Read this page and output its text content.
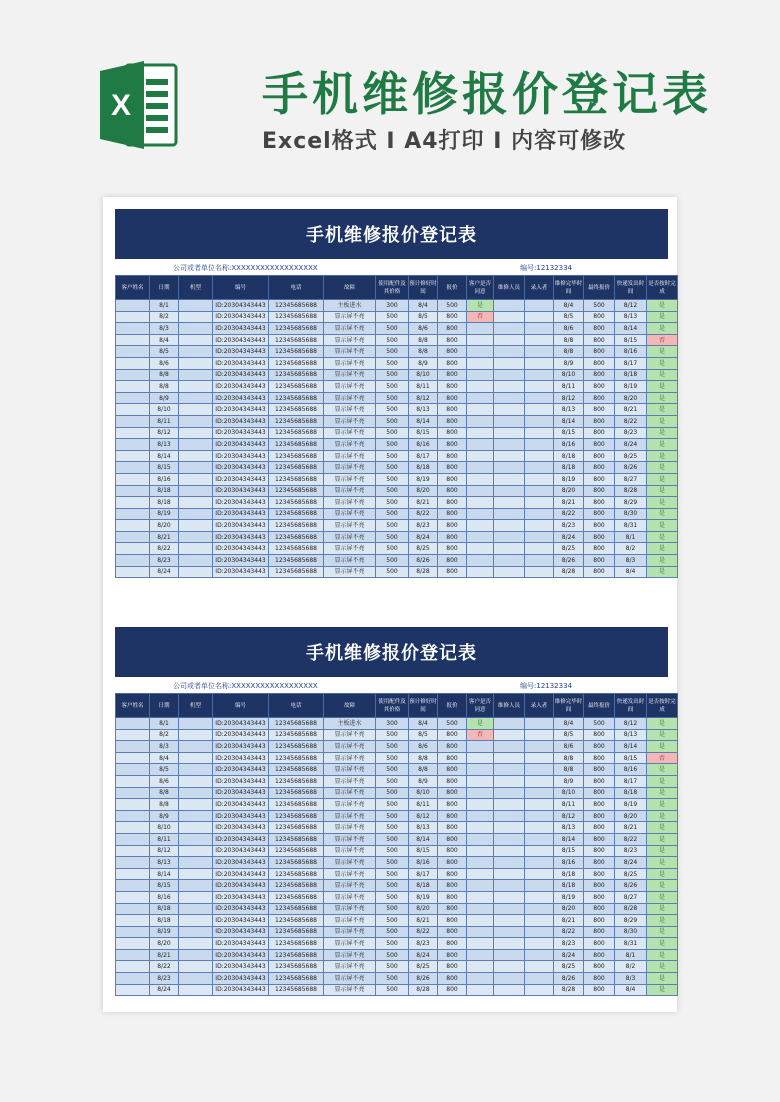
X	手机维修报价登记表
Excel格式 I A4打印 I 内容可修改
手机维修报价登记表
公司或者单位名称:XXXXXXXXXXXXXXXXXX	编号:12132334
客户姓名	日期	机型	编号	电话	故障	使用配件及其价格	预计修好时间	报价	客户是否同意	维修人员	录入者	维修完毕时间	最终报价	快递发出时间	是否按时完成
	8/1		ID:20304343443	12345685688	主板进水	300	8/4	500	是			8/4	500	8/12	是
	8/2		ID:20304343443	12345685688	显示屏不亮	500	8/5	800	否			8/5	800	8/13	是
	8/3		ID:20304343443	12345685688	显示屏不亮	500	8/6	800				8/6	800	8/14	是
	8/4		ID:20304343443	12345685688	显示屏不亮	500	8/8	800				8/8	800	8/15	否
	8/5		ID:20304343443	12345685688	显示屏不亮	500	8/8	800				8/8	800	8/16	是
	8/6		ID:20304343443	12345685688	显示屏不亮	500	8/9	800				8/9	800	8/17	是
	8/8		ID:20304343443	12345685688	显示屏不亮	500	8/10	800				8/10	800	8/18	是
	8/8		ID:20304343443	12345685688	显示屏不亮	500	8/11	800				8/11	800	8/19	是
	8/9		ID:20304343443	12345685688	显示屏不亮	500	8/12	800				8/12	800	8/20	是
	8/10		ID:20304343443	12345685688	显示屏不亮	500	8/13	800				8/13	800	8/21	是
	8/11		ID:20304343443	12345685688	显示屏不亮	500	8/14	800				8/14	800	8/22	是
	8/12		ID:20304343443	12345685688	显示屏不亮	500	8/15	800				8/15	800	8/23	是
	8/13		ID:20304343443	12345685688	显示屏不亮	500	8/16	800				8/16	800	8/24	是
	8/14		ID:20304343443	12345685688	显示屏不亮	500	8/17	800				8/18	800	8/25	是
	8/15		ID:20304343443	12345685688	显示屏不亮	500	8/18	800				8/18	800	8/26	是
	8/16		ID:20304343443	12345685688	显示屏不亮	500	8/19	800				8/19	800	8/27	是
	8/18		ID:20304343443	12345685688	显示屏不亮	500	8/20	800				8/20	800	8/28	是
	8/18		ID:20304343443	12345685688	显示屏不亮	500	8/21	800				8/21	800	8/29	是
	8/19		ID:20304343443	12345685688	显示屏不亮	500	8/22	800				8/22	800	8/30	是
	8/20		ID:20304343443	12345685688	显示屏不亮	500	8/23	800				8/23	800	8/31	是
	8/21		ID:20304343443	12345685688	显示屏不亮	500	8/24	800				8/24	800	8/1	是
	8/22		ID:20304343443	12345685688	显示屏不亮	500	8/25	800				8/25	800	8/2	是
	8/23		ID:20304343443	12345685688	显示屏不亮	500	8/26	800				8/26	800	8/3	是
	8/24		ID:20304343443	12345685688	显示屏不亮	500	8/28	800				8/28	800	8/4	是
手机维修报价登记表
公司或者单位名称:XXXXXXXXXXXXXXXXXX	编号:12132334
客户姓名	日期	机型	编号	电话	故障	使用配件及其价格	预计修好时间	报价	客户是否同意	维修人员	录入者	维修完毕时间	最终报价	快递发出时间	是否按时完成
	8/1		ID:20304343443	12345685688	主板进水	300	8/4	500	是			8/4	500	8/12	是
	8/2		ID:20304343443	12345685688	显示屏不亮	500	8/5	800	否			8/5	800	8/13	是
	8/3		ID:20304343443	12345685688	显示屏不亮	500	8/6	800				8/6	800	8/14	是
	8/4		ID:20304343443	12345685688	显示屏不亮	500	8/8	800				8/8	800	8/15	否
	8/5		ID:20304343443	12345685688	显示屏不亮	500	8/8	800				8/8	800	8/16	是
	8/6		ID:20304343443	12345685688	显示屏不亮	500	8/9	800				8/9	800	8/17	是
	8/8		ID:20304343443	12345685688	显示屏不亮	500	8/10	800				8/10	800	8/18	是
	8/8		ID:20304343443	12345685688	显示屏不亮	500	8/11	800				8/11	800	8/19	是
	8/9		ID:20304343443	12345685688	显示屏不亮	500	8/12	800				8/12	800	8/20	是
	8/10		ID:20304343443	12345685688	显示屏不亮	500	8/13	800				8/13	800	8/21	是
	8/11		ID:20304343443	12345685688	显示屏不亮	500	8/14	800				8/14	800	8/22	是
	8/12		ID:20304343443	12345685688	显示屏不亮	500	8/15	800				8/15	800	8/23	是
	8/13		ID:20304343443	12345685688	显示屏不亮	500	8/16	800				8/16	800	8/24	是
	8/14		ID:20304343443	12345685688	显示屏不亮	500	8/17	800				8/18	800	8/25	是
	8/15		ID:20304343443	12345685688	显示屏不亮	500	8/18	800				8/18	800	8/26	是
	8/16		ID:20304343443	12345685688	显示屏不亮	500	8/19	800				8/19	800	8/27	是
	8/18		ID:20304343443	12345685688	显示屏不亮	500	8/20	800				8/20	800	8/28	是
	8/18		ID:20304343443	12345685688	显示屏不亮	500	8/21	800				8/21	800	8/29	是
	8/19		ID:20304343443	12345685688	显示屏不亮	500	8/22	800				8/22	800	8/30	是
	8/20		ID:20304343443	12345685688	显示屏不亮	500	8/23	800				8/23	800	8/31	是
	8/21		ID:20304343443	12345685688	显示屏不亮	500	8/24	800				8/24	800	8/1	是
	8/22		ID:20304343443	12345685688	显示屏不亮	500	8/25	800				8/25	800	8/2	是
	8/23		ID:20304343443	12345685688	显示屏不亮	500	8/26	800				8/26	800	8/3	是
	8/24		ID:20304343443	12345685688	显示屏不亮	500	8/28	800				8/28	800	8/4	是
